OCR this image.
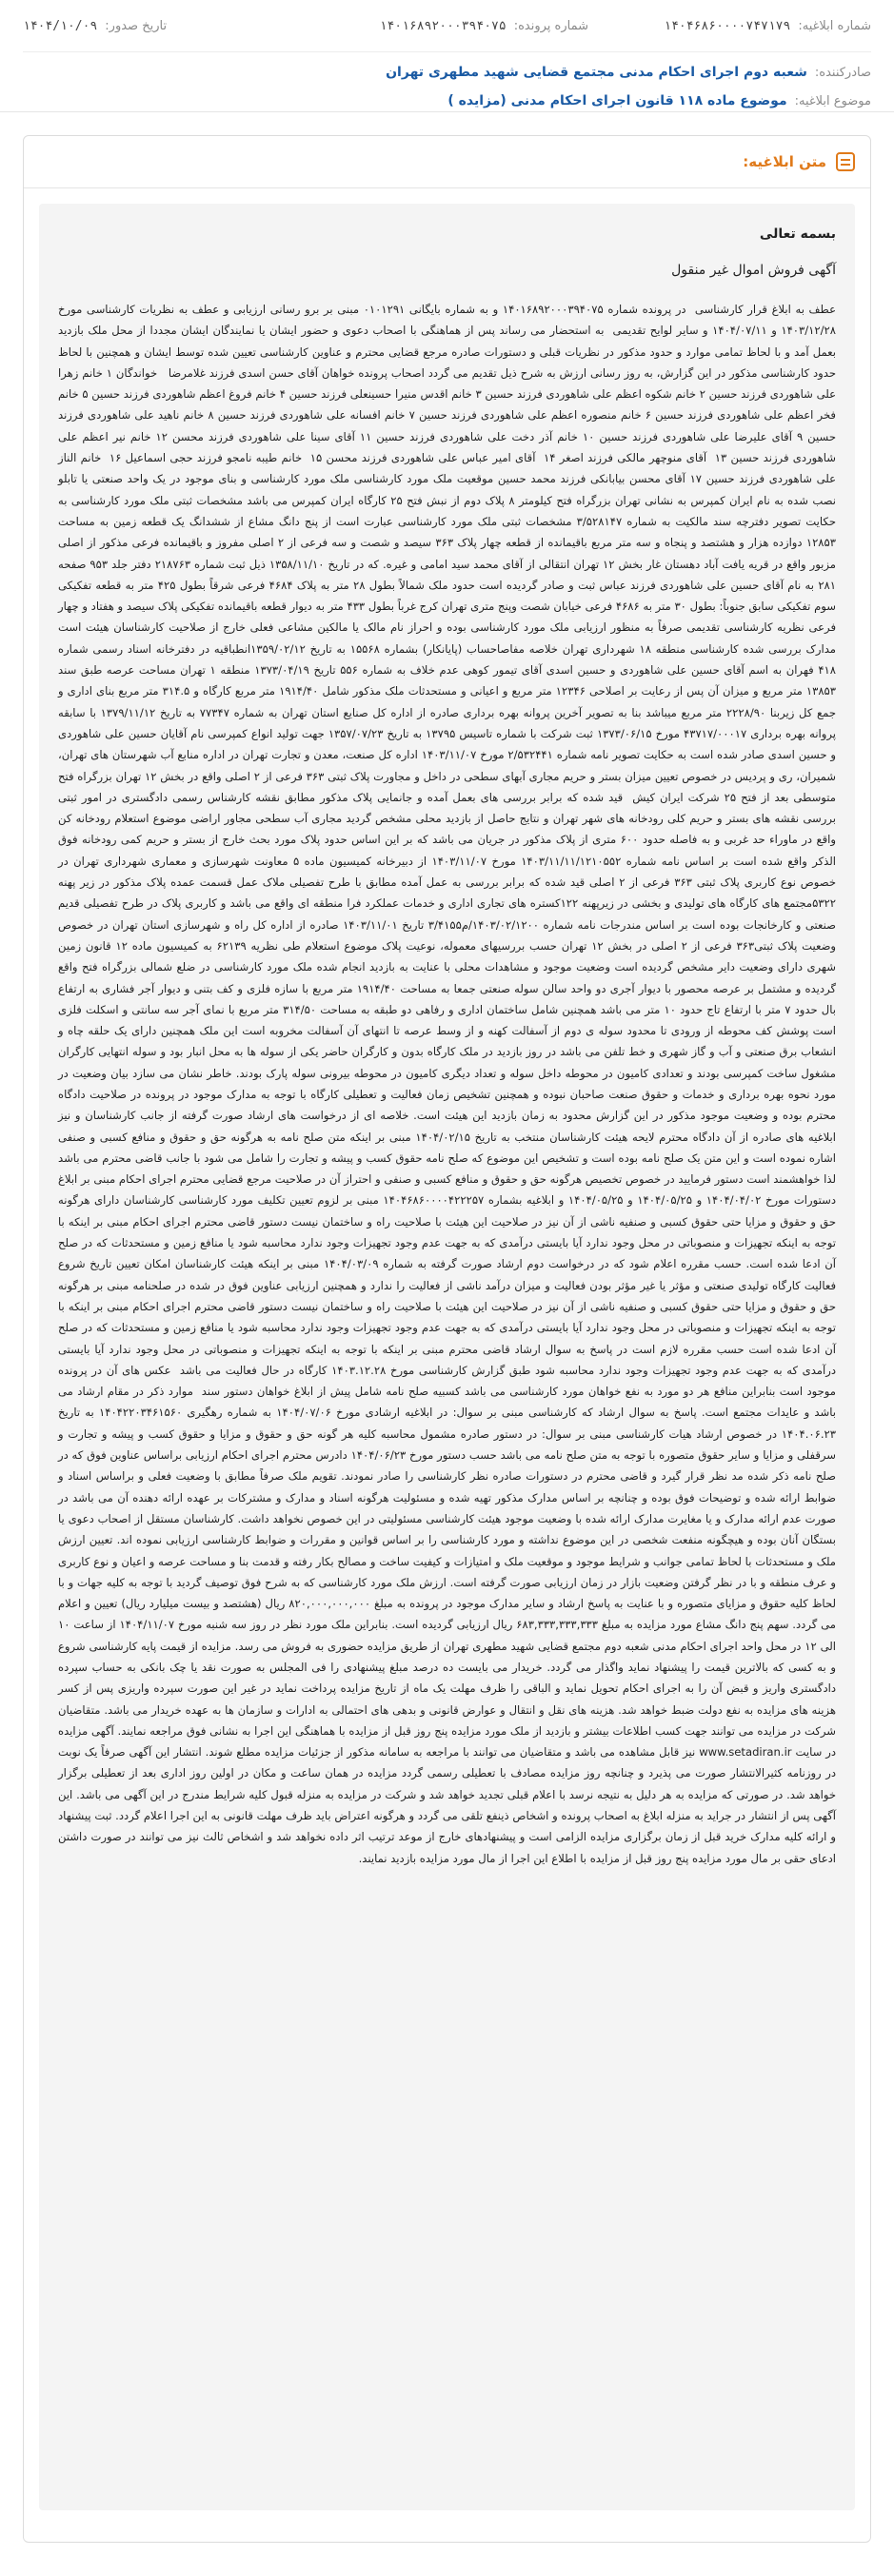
شماره ابلاغیه:
۱۴۰۴۶۸۶۰۰۰۰۷۴۷۱۷۹
شماره پرونده:
۱۴۰۱۶۸۹۲۰۰۰۳۹۴۰۷۵
تاریخ صدور:
۱۴۰۴/۱۰/۰۹
صادرکننده:
شعبه دوم اجرای احکام مدنی مجتمع قضایی شهید مطهری تهران
موضوع ابلاغیه:
موضوع ماده ۱۱۸ قانون اجرای احکام مدنی (مزایده )
متن ابلاغیه:
بسمه تعالی
آگهی فروش اموال غیر منقول

عطف به ابلاغ قرار کارشناسی  در پرونده شماره ۱۴۰۱۶۸۹۲۰۰۰۳۹۴۰۷۵ و به شماره بایگانی ۰۱۰۱۲۹۱ مبنی بر برو رسانی ارزیابی و عطف به نظریات کارشناسی مورخ ۱۴۰۳/۱۲/۲۸ و ۱۴۰۴/۰۷/۱۱ و سایر لوایح تقدیمی  به استحضار می رساند پس از هماهنگی با اصحاب دعوی و حضور ایشان یا نمایندگان ایشان مجددا از محل ملک بازدید بعمل آمد و با لحاظ تمامی موارد و حدود مذکور در نظریات قبلی و دستورات صادره مرجع قضایی محترم و عناوین کارشناسی تعیین شده توسط ایشان و همچنین با لحاظ حدود کارشناسی مذکور در این گزارش، به روز رسانی ارزش به شرح ذیل تقدیم می گردد اصحاب پرونده خواهان آقای حسن اسدی فرزند غلامرضا   خواندگان ۱ خانم زهرا علی شاهوردی فرزند حسین ۲ خانم شکوه اعظم علی شاهوردی فرزند حسین ۳ خانم اقدس منیرا حسینعلی فرزند حسین ۴ خانم فروغ اعظم شاهوردی فرزند حسین ۵ خانم فخر اعظم علی شاهوردی فرزند حسین ۶ خانم منصوره اعظم علی شاهوردی فرزند حسین ۷ خانم افسانه علی شاهوردی فرزند حسین ۸ خانم ناهید علی شاهوردی فرزند حسین ۹ آقای علیرضا علی شاهوردی فرزند حسین ۱۰ خانم آذر دخت علی شاهوردی فرزند حسین ۱۱ آقای سینا علی شاهوردی فرزند محسن ۱۲ خانم نیر اعظم علی شاهوردی فرزند حسین ۱۳  آقای منوچهر مالکی فرزند اصغر ۱۴  آقای امیر عباس علی شاهوردی فرزند محسن ۱۵  خانم طیبه نامجو فرزند حجی اسماعیل ۱۶  خانم الناز علی شاهوردی فرزند حسین ۱۷ آقای محسن بیابانکی فرزند محمد حسین موقعیت ملک مورد کارشناسی ملک مورد کارشناسی و بنای موجود در یک واحد صنعتی یا تابلو نصب شده به نام ایران کمپرس به نشانی تهران بزرگراه فتح کیلومتر ۸ پلاک دوم از نبش فتح ۲۵ کارگاه ایران کمپرس می باشد مشخصات ثبتی ملک مورد کارشناسی به حکایت تصویر دفترچه سند مالکیت به شماره ۳/۵۲۸۱۴۷ مشخصات ثبتی ملک مورد کارشناسی عبارت است از پنج دانگ مشاع از ششدانگ یک قطعه زمین به مساحت ۱۲۸۵۳ دوازده هزار و هشتصد و پنجاه و سه متر مربع باقیمانده از قطعه چهار پلاک ۳۶۳ سیصد و شصت و سه فرعی از ۲ اصلی مفروز و باقیمانده فرعی مذکور از اصلی مزبور واقع در قریه یافت آباد دهستان غار بخش ۱۲ تهران انتقالی از آقای محمد سید امامی و غیره. که در تاریخ ۱۳۵۸/۱۱/۱۰ ذیل ثبت شماره ۲۱۸۷۶۳ دفتر جلد ۹۵۳ صفحه ۲۸۱ به نام آقای حسین علی شاهوردی فرزند عباس ثبت و صادر گردیده است حدود ملک شمالاً بطول ۲۸ متر به پلاک ۴۶۸۴ فرعی شرقاً بطول ۴۲۵ متر به قطعه تفکیکی سوم تفکیکی سابق جنوباً: بطول ۳۰ متر به ۴۶۸۶ فرعی خیابان شصت وپنج متری تهران کرج غرباً بطول ۴۳۳ متر به دیوار قطعه باقیمانده تفکیکی پلاک سیصد و هفتاد و چهار فرعی نظریه کارشناسی تقدیمی صرفاً به منظور ارزیابی ملک مورد کارشناسی بوده و احراز نام مالک یا مالکین مشاعی فعلی خارج از صلاحیت کارشناسان هیئت است مدارک بررسی شده کارشناسی منطقه ۱۸ شهرداری تهران خلاصه مفاصاحساب (پایانکار) بشماره ۱۵۵۶۸ به تاریخ ۱۳۵۹/۰۲/۱۲انطباقیه در دفترخانه اسناد رسمی شماره ۴۱۸ فهران به اسم آقای حسین علی شاهوردی و حسین اسدی آقای تیمور کوهی عدم خلاف به شماره ۵۵۶ تاریخ ۱۳۷۳/۰۴/۱۹ منطقه ۱ تهران مساحت عرصه طبق سند ۱۳۸۵۳ متر مربع و میزان آن پس از رعایت بر اصلاحی ۱۲۳۴۶ متر مربع و اعیانی و مستحدثات ملک مذکور شامل ۱۹۱۴/۴۰ متر مربع کارگاه و ۳۱۴.۵ متر مربع بنای اداری و جمع کل زیربنا ۲۲۲۸/۹۰ متر مربع میباشد بنا به تصویر آخرین پروانه بهره برداری صادره از اداره کل صنایع استان تهران به شماره ۷۷۳۴۷ به تاریخ ۱۳۷۹/۱۱/۱۲ با سابقه پروانه بهره برداری ۴۳۷۱۷/۰۰۰۱۷ مورخ ۱۳۷۳/۰۶/۱۵ ثبت شرکت با شماره تاسیس ۱۳۷۹۵ به تاریخ ۱۳۵۷/۰۷/۲۳ جهت تولید انواع کمپرسی نام آقایان حسین علی شاهوردی و حسین اسدی صادر شده است به حکایت تصویر نامه شماره ۲/۵۳۲۴۴۱ مورخ ۱۴۰۳/۱۱/۰۷ اداره کل صنعت، معدن و تجارت تهران در اداره منابع آب شهرستان های تهران، شمیران، ری و پردیس در خصوص تعیین میزان بستر و حریم مجاری آبهای سطحی در داخل و مجاورت پلاک ثبتی ۳۶۳ فرعی از ۲ اصلی واقع در بخش ۱۲ تهران بزرگراه فتح متوسطی بعد از فتح ۲۵ شرکت ایران کیش  قید شده که برابر بررسی های بعمل آمده و جانمایی پلاک مذکور مطابق نقشه کارشناس رسمی دادگستری در امور ثبتی بررسی نقشه های بستر و حریم کلی رودخانه های شهر تهران و نتایج حاصل از بازدید محلی مشخص گردید مجاری آب سطحی مجاور اراضی موضوع استعلام رودخانه کن واقع در ماوراء حد غربی و به فاصله حدود ۶۰۰ متری از پلاک مذکور در جریان می باشد که بر این اساس حدود پلاک مورد بحث خارج از بستر و حریم کمی رودخانه فوق الذکر واقع شده است بر اساس نامه شماره ۱۴۰۳/۱۱/۱۱/۱۲۱۰۵۵۲ مورخ ۱۴۰۳/۱۱/۰۷ از دبیرخانه کمیسیون ماده ۵ معاونت شهرسازی و معماری شهرداری تهران در خصوص نوع کاربری پلاک ثبتی ۳۶۳ فرعی از ۲ اصلی قید شده که برابر بررسی به عمل آمده مطابق با طرح تفصیلی ملاک عمل قسمت عمده پلاک مذکور در زیر پهنه ۵۳۲۲مجتمع های کارگاه های تولیدی و بخشی در زیرپهنه ۱۲۲کستره های تجاری اداری و خدمات عملکرد فرا منطقه ای واقع می باشد و کاربری پلاک در طرح تفصیلی قدیم صنعتی و کارخانجات بوده است بر اساس مندرجات نامه شماره ۱۴۰۳/۰۲/۱۲۰۰/م۳/۴۱۵۵ تاریخ ۱۴۰۳/۱۱/۰۱ صادره از اداره کل راه و شهرسازی استان تهران در خصوص وضعیت پلاک ثبتی۳۶۳ فرعی از ۲ اصلی در بخش ۱۲ تهران حسب بررسیهای معموله، نوعیت پلاک موضوع استعلام طی نظریه ۶۲۱۳۹ به کمیسیون ماده ۱۲ قانون زمین شهری دارای وضعیت دایر مشخص گردیده است وضعیت موجود و مشاهدات محلی با عنایت به بازدید انجام شده ملک مورد کارشناسی در ضلع شمالی بزرگراه فتح واقع گردیده و مشتمل بر عرصه محصور با دیوار آجری دو واحد سالن سوله صنعتی جمعا به مساحت ۱۹۱۴/۴۰ متر مربع با سازه فلزی و کف بتنی و دیوار آجر فشاری به ارتفاع بال حدود ۷ متر با ارتفاع تاج حدود ۱۰ متر می باشد همچنین شامل ساختمان اداری و رفاهی دو طبقه به مساحت ۳۱۴/۵۰ متر مربع با نمای آجر سه سانتی و اسکلت فلزی است پوشش کف محوطه از ورودی تا محدود سوله ی دوم از آسفالت کهنه و از وسط عرصه تا انتهای آن آسفالت مخروبه است این ملک همچنین دارای یک حلقه چاه و انشعاب برق صنعتی و آب و گاز شهری و خط تلفن می باشد در روز بازدید در ملک کارگاه بدون و کارگران حاضر یکی از سوله ها به محل انبار بود و سوله انتهایی کارگران مشغول ساخت کمپرسی بودند و تعدادی کامیون در محوطه داخل سوله و تعداد دیگری کامیون در محوطه بیرونی سوله پارک بودند. خاطر نشان می سازد بیان وضعیت در مورد نحوه بهره برداری و خدمات و حقوق صنعت صاحبان نبوده و همچنین تشخیص زمان فعالیت و تعطیلی کارگاه با توجه به مدارک موجود در پرونده در صلاحیت دادگاه محترم بوده و وضعیت موجود مذکور در این گزارش محدود به زمان بازدید این هیئت است. خلاصه ای از درخواست های ارشاد صورت گرفته از جانب کارشناسان و نیز ابلاغیه های صادره از آن دادگاه محترم لایحه هیئت کارشناسان منتخب به تاریخ ۱۴۰۴/۰۲/۱۵ مبنی بر اینکه متن صلح نامه به هرگونه حق و حقوق و منافع کسبی و صنفی اشاره نموده است و این متن یک صلح نامه بوده است و تشخیص این موضوع که صلح نامه حقوق کسب و پیشه و تجارت را شامل می شود با جانب قاضی محترم می باشد لذا خواهشمند است دستور فرمایید در خصوص تخصیص هرگونه حق و حقوق و منافع کسبی و صنفی و احتراز آن در صلاحیت مرجع قضایی محترم اجرای احکام مبنی بر ابلاغ دستورات مورخ ۱۴۰۴/۰۴/۰۲ و ۱۴۰۴/۰۵/۲۵ و ۱۴۰۴/۰۵/۲۵ و ابلاغیه بشماره ۱۴۰۴۶۸۶۰۰۰۰۴۲۲۲۵۷ مبنی بر لزوم تعیین تکلیف مورد کارشناسی کارشناسان دارای هرگونه حق و حقوق و مزایا حتی حقوق کسبی و صنفیه ناشی از آن نیز در صلاحیت این هیئت با صلاحیت راه و ساختمان نیست دستور قاضی محترم اجرای احکام مبنی بر اینکه با توجه به اینکه تجهیزات و منصوباتی در محل وجود ندارد آیا بایستی درآمدی که به جهت عدم وجود تجهیزات وجود ندارد محاسبه شود یا منافع زمین و مستحدثات که در صلح آن ادعا شده است. حسب مقرره اعلام شود که در درخواست دوم ارشاد صورت گرفته به شماره ۱۴۰۴/۰۳/۰۹ مبنی بر اینکه هیئت کارشناسان امکان تعیین تاریخ شروع فعالیت کارگاه تولیدی صنعتی و مؤثر یا غیر مؤثر بودن فعالیت و میزان درآمد ناشی از فعالیت را ندارد و همچنین ارزیابی عناوین فوق در شده در صلحنامه مبنی بر هرگونه حق و حقوق و مزایا حتی حقوق کسبی و صنفیه ناشی از آن نیز در صلاحیت این هیئت با صلاحیت راه و ساختمان نیست دستور قاضی محترم اجرای احکام مبنی بر اینکه با توجه به اینکه تجهیزات و منصوباتی در محل وجود ندارد آیا بایستی درآمدی که به جهت عدم وجود تجهیزات وجود ندارد محاسبه شود یا منافع زمین و مستحدثات که در صلح آن ادعا شده است حسب مقرره لازم است در پاسخ به سوال ارشاد قاضی محترم مبنی بر اینکه با توجه به اینکه تجهیزات و منصوباتی در محل وجود ندارد آیا بایستی درآمدی که به جهت عدم وجود تجهیزات وجود ندارد محاسبه شود طبق گزارش کارشناسی مورخ ۱۴۰۳.۱۲.۲۸ کارگاه در حال فعالیت می باشد  عکس های آن در پرونده موجود است بنابراین منافع هر دو مورد به نفع خواهان مورد کارشناسی می باشد کسبیه صلح نامه شامل پیش از ابلاغ خواهان دستور سند  موارد ذکر در مقام ارشاد می باشد و عایدات مجتمع است. پاسخ به سوال ارشاد که کارشناسی مبنی بر سوال: در ابلاغیه ارشادی مورخ ۱۴۰۴/۰۷/۰۶ به شماره رهگیری ۱۴۰۴۲۲۰۳۴۶۱۵۶۰ به تاریخ ۱۴۰۴.۰۶.۲۳ در خصوص ارشاد هیات کارشناسی مبنی بر سوال: در دستور صادره مشمول محاسبه کلیه هر گونه حق و حقوق و مزایا و حقوق کسب و پیشه و تجارت و سرقفلی و مزایا و سایر حقوق متصوره با توجه به متن صلح نامه می باشد حسب دستور مورخ ۱۴۰۴/۰۶/۲۳ دادرس محترم اجرای احکام ارزیابی براساس عناوین فوق که در صلح نامه ذکر شده مد نظر قرار گیرد و قاضی محترم در دستورات صادره نظر کارشناسی را صادر نمودند. تقویم ملک صرفاً مطابق با وضعیت فعلی و براساس اسناد و ضوابط ارائه شده و توضیحات فوق بوده و چنانچه بر اساس مدارک مذکور تهیه شده و مسئولیت هرگونه اسناد و مدارک و مشتركات بر عهده ارائه دهنده آن می باشد در صورت عدم ارائه مدارک و یا مغایرت مدارک ارائه شده با وضعیت موجود هیئت کارشناسی مسئولیتی در این خصوص نخواهد داشت. کارشناسان مستقل از اصحاب دعوی یا بستگان آنان بوده و هیچگونه منفعت شخصی در این موضوع نداشته و مورد کارشناسی را بر اساس قوانین و مقررات و ضوابط کارشناسی ارزیابی نموده اند. تعیین ارزش ملک و مستحدثات با لحاظ تمامی جوانب و شرایط موجود و موقعیت ملک و امتیازات و کیفیت ساخت و مصالح بکار رفته و قدمت بنا و مساحت عرصه و اعیان و نوع کاربری و عرف منطقه و با در نظر گرفتن وضعیت بازار در زمان ارزیابی صورت گرفته است. ارزش ملک مورد کارشناسی که به شرح فوق توصیف گردید با توجه به کلیه جهات و با لحاظ کلیه حقوق و مزایای متصوره و با عنایت به پاسخ ارشاد و سایر مدارک موجود در پرونده به مبلغ ۸۲۰,۰۰۰,۰۰۰,۰۰۰ ریال (هشتصد و بیست میلیارد ریال) تعیین و اعلام می گردد. سهم پنج دانگ مشاع مورد مزایده به مبلغ ۶۸۳,۳۳۳,۳۳۳,۳۳۳ ریال ارزیابی گردیده است. بنابراین ملک مورد نظر در روز سه شنبه مورخ ۱۴۰۴/۱۱/۰۷ از ساعت ۱۰ الی ۱۲ در محل واحد اجرای احکام مدنی شعبه دوم مجتمع قضایی شهید مطهری تهران از طریق مزایده حضوری به فروش می رسد. مزایده از قیمت پایه کارشناسی شروع و به کسی که بالاترین قیمت را پیشنهاد نماید واگذار می گردد. خریدار می بایست ده درصد مبلغ پیشنهادی را فی المجلس به صورت نقد یا چک بانکی به حساب سپرده دادگستری واریز و قبض آن را به اجرای احکام تحویل نماید و الباقی را ظرف مهلت یک ماه از تاریخ مزایده پرداخت نماید در غیر این صورت سپرده واریزی پس از کسر هزینه های مزایده به نفع دولت ضبط خواهد شد. هزینه های نقل و انتقال و عوارض قانونی و بدهی های احتمالی به ادارات و سازمان ها به عهده خریدار می باشد. متقاضیان شرکت در مزایده می توانند جهت کسب اطلاعات بیشتر و بازدید از ملک مورد مزایده پنج روز قبل از مزایده با هماهنگی این اجرا به نشانی فوق مراجعه نمایند. آگهی مزایده در سایت www.setadiran.ir نیز قابل مشاهده می باشد و متقاضیان می توانند با مراجعه به سامانه مذکور از جزئیات مزایده مطلع شوند. انتشار این آگهی صرفاً یک نوبت در روزنامه کثیرالانتشار صورت می پذیرد و چنانچه روز مزایده مصادف با تعطیلی رسمی گردد مزایده در همان ساعت و مکان در اولین روز اداری بعد از تعطیلی برگزار خواهد شد. در صورتی که مزایده به هر دلیل به نتیجه نرسد با اعلام قبلی تجدید خواهد شد و شرکت در مزایده به منزله قبول کلیه شرایط مندرج در این آگهی می باشد. این آگهی پس از انتشار در جراید به منزله ابلاغ به اصحاب پرونده و اشخاص ذینفع تلقی می گردد و هرگونه اعتراض باید ظرف مهلت قانونی به این اجرا اعلام گردد. ثبت پیشنهاد و ارائه کلیه مدارک خرید قبل از زمان برگزاری مزایده الزامی است و پیشنهادهای خارج از موعد ترتیب اثر داده نخواهد شد و اشخاص ثالث نیز می توانند در صورت داشتن ادعای حقی بر مال مورد مزایده پنج روز قبل از مزایده با اطلاع این اجرا از مال مورد مزایده بازدید نمایند.
